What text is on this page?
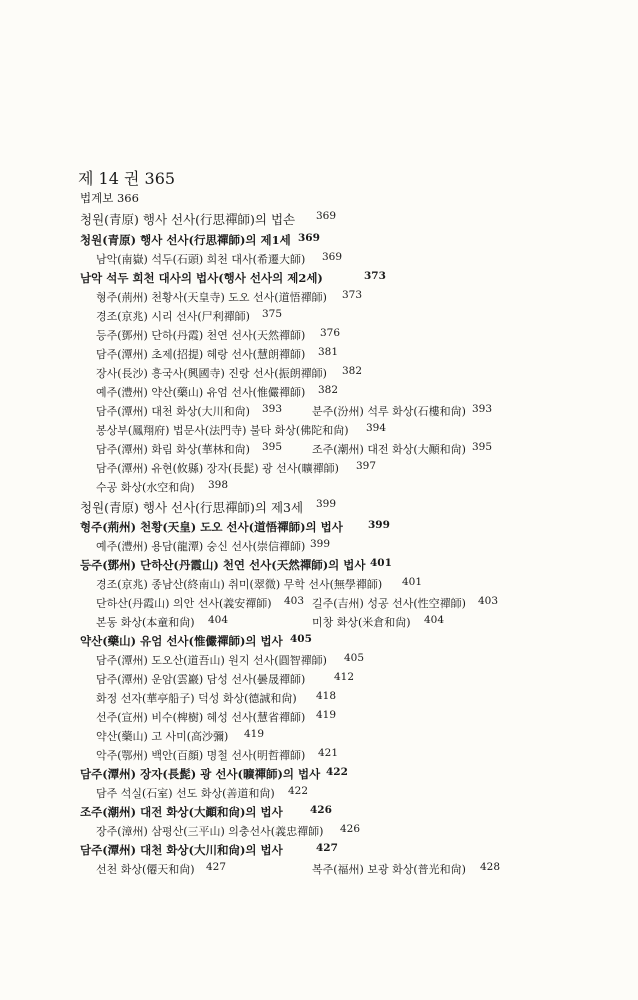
제 14 권 365
법계보 366
청원(青原) 행사 선사(行思禪師)의 법손 369
청원(青原) 행사 선사(行思禪師)의 제1세 369
남악(南嶽) 석두(石頭) 희천 대사(希遷大師) 369
남악 석두 희천 대사의 법사(행사 선사의 제2세)	373
형주(荊州) 천황사(天皇寺) 도오 선사(道悟禪師) 373
경조(京兆) 시리 선사(尸利禪師) 375
등주(鄧州) 단하(丹霞) 천연 선사(天然禪師) 376
담주(潭州) 초제(招提) 혜랑 선사(慧朗禪師) 381
장사(長沙) 흥국사(興國寺) 진랑 선사(振朗禪師) 382
예주(澧州) 약산(藥山) 유엄 선사(惟儼禪師) 382
담주(潭州) 대천 화상(大川和尙) 393	분주(汾州) 석루 화상(石樓和尙) 393
봉상부(鳳翔府) 법문사(法門寺) 불타 화상(佛陀和尙) 394
담주(潭州) 화림 화상(華林和尙) 395	조주(潮州) 대전 화상(大顚和尙) 395
담주(潭州) 유현(攸縣) 장자(長髭) 광 선사(曠禪師) 397
수공 화상(水空和尙) 398
청원(青原) 행사 선사(行思禪師)의 제3세 399
형주(荊州) 천황(天皇) 도오 선사(道悟禪師)의 법사 399
예주(澧州) 용담(龍潭) 숭신 선사(崇信禪師) 399
등주(鄧州) 단하산(丹霞山) 천연 선사(天然禪師)의 법사 401
경조(京兆) 종남산(終南山) 취미(翠微) 무학 선사(無學禪師) 401
단하산(丹霞山) 의안 선사(義安禪師) 403 길주(吉州) 성공 선사(性空禪師) 403
본동 화상(本童和尙) 404	미창 화상(米倉和尙) 404
약산(藥山) 유엄 선사(惟儼禪師)의 법사 405
담주(潭州) 도오산(道吾山) 원지 선사(圓智禪師) 405
담주(潭州) 운암(雲巖) 담성 선사(曇晟禪師)	412
화정 선자(華亭船子) 덕성 화상(德誠和尙) 418
선주(宣州) 비수(椑樹) 혜성 선사(慧省禪師) 419
약산(藥山) 고 사미(高沙彌) 419
악주(鄂州) 백안(百顔) 명철 선사(明哲禪師) 421
담주(潭州) 장자(長髭) 광 선사(曠禪師)의 법사 422
담주 석실(石室) 선도 화상(善道和尙) 422
조주(潮州) 대전 화상(大顚和尙)의 법사	426
장주(漳州) 삼평산(三平山) 의충선사(義忠禪師) 426
담주(潭州) 대천 화상(大川和尙)의 법사	427
선천 화상(僊天和尙) 427	복주(福州) 보광 화상(普光和尙) 428
